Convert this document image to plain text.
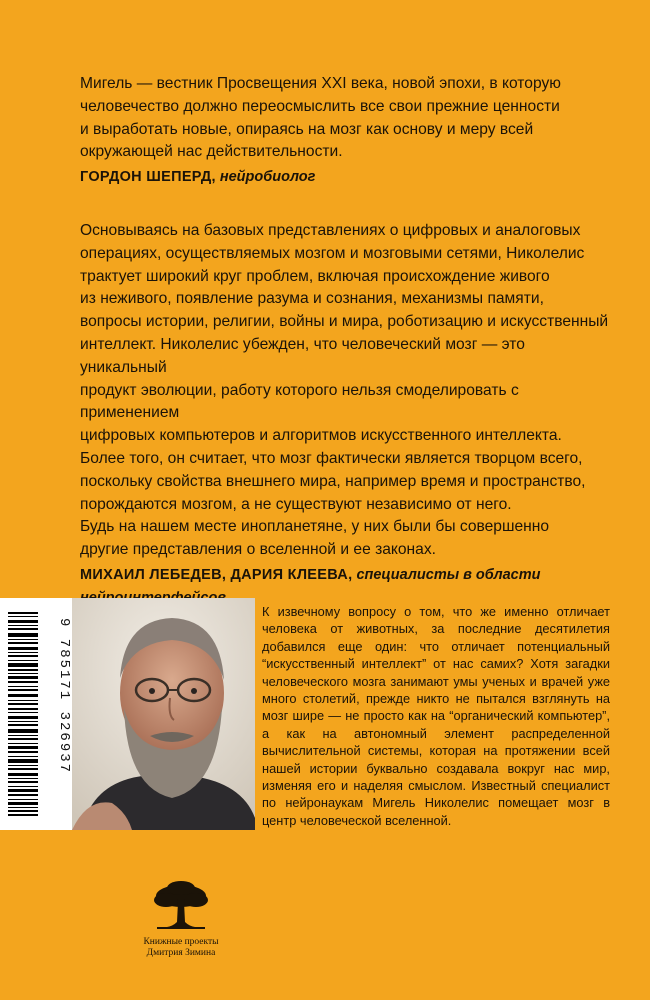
Мигель — вестник Просвещения XXI века, новой эпохи, в которую

человечество должно переосмыслить все свои прежние ценности

и выработать новые, опираясь на мозг как основу и меру всей

окружающей нас действительности.

ГОРДОН ШЕПЕРД, нейробиолог

Основываясь на базовых представлениях о цифровых и аналоговых

операциях, осуществляемых мозгом и мозговыми сетями, Николелис

трактует широкий круг проблем, включая происхождение живого

из неживого, появление разума и сознания, механизмы памяти,

вопросы истории, религии, войны и мира, роботизацию и искусственный

интеллект. Николелис убежден, что человеческий мозг — это уникальный

продукт эволюции, работу которого нельзя смоделировать с применением

цифровых компьютеров и алгоритмов искусственного интеллекта.

Более того, он считает, что мозг фактически является творцом всего,

поскольку свойства внешнего мира, например время и пространство,

порождаются мозгом, а не существуют независимо от него.

Будь на нашем месте инопланетяне, у них были бы совершенно

другие представления о вселенной и ее законах.

МИХАИЛ ЛЕБЕДЕВ, ДАРИЯ КЛЕЕВА, специалисты в области
9 785171 326937
К извечному вопросу о том, что же именно отличает человека от животных, за последние десятилетия добавился еще один: что отличает потенциальный “искусственный интеллект” от нас самих? Хотя загадки человеческого мозга занимают умы ученых и врачей уже много столетий, прежде никто не пытался взглянуть на мозг шире — не просто как на “органический компьютер”, а как на автономный элемент распределенной вычислительной системы, которая на протяжении всей нашей истории буквально создавала вокруг нас мир, изменяя его и наделяя смыслом. Известный специалист по нейронаукам Мигель Николелис помещает мозг в центр человеческой вселенной.
Книжные проекты
Дмитрия Зимина
